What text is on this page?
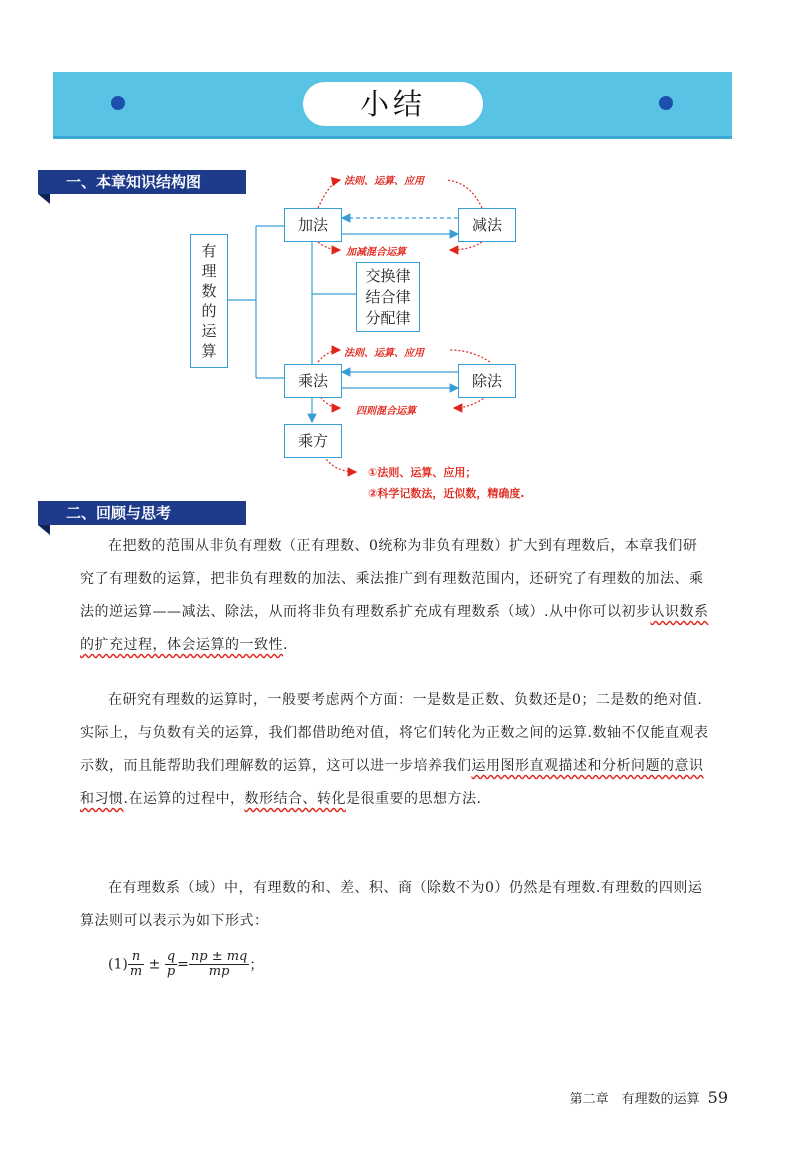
小结
一、本章知识结构图
有
理
数
的
运
算
加法	减法
交换律
结合律
分配律
乘法	除法
乘方
法则、运算、应用
加减混合运算
法则、运算、应用
四则混合运算
①法则、运算、应用；
②科学记数法，近似数，精确度.
二、回顾与思考
在把数的范围从非负有理数（正有理数、0统称为非负有理数）扩大到有理数后，本章我们研究了有理数的运算，把非负有理数的加法、乘法推广到有理数范围内，还研究了有理数的加法、乘法的逆运算——减法、除法，从而将非负有理数系扩充成有理数系（域）.从中你可以初步认识数系的扩充过程，体会运算的一致性.
在研究有理数的运算时，一般要考虑两个方面：一是数是正数、负数还是0；二是数的绝对值.实际上，与负数有关的运算，我们都借助绝对值，将它们转化为正数之间的运算.数轴不仅能直观表示数，而且能帮助我们理解数的运算，这可以进一步培养我们运用图形直观描述和分析问题的意识和习惯.在运算的过程中，数形结合、转化是很重要的思想方法.
在有理数系（域）中，有理数的和、差、积、商（除数不为0）仍然是有理数.有理数的四则运算法则可以表示为如下形式：
$(1) \frac{n}{m} \pm \frac{q}{p} = \frac{np \pm mq}{mp}$ ；
第二章　有理数的运算 59
